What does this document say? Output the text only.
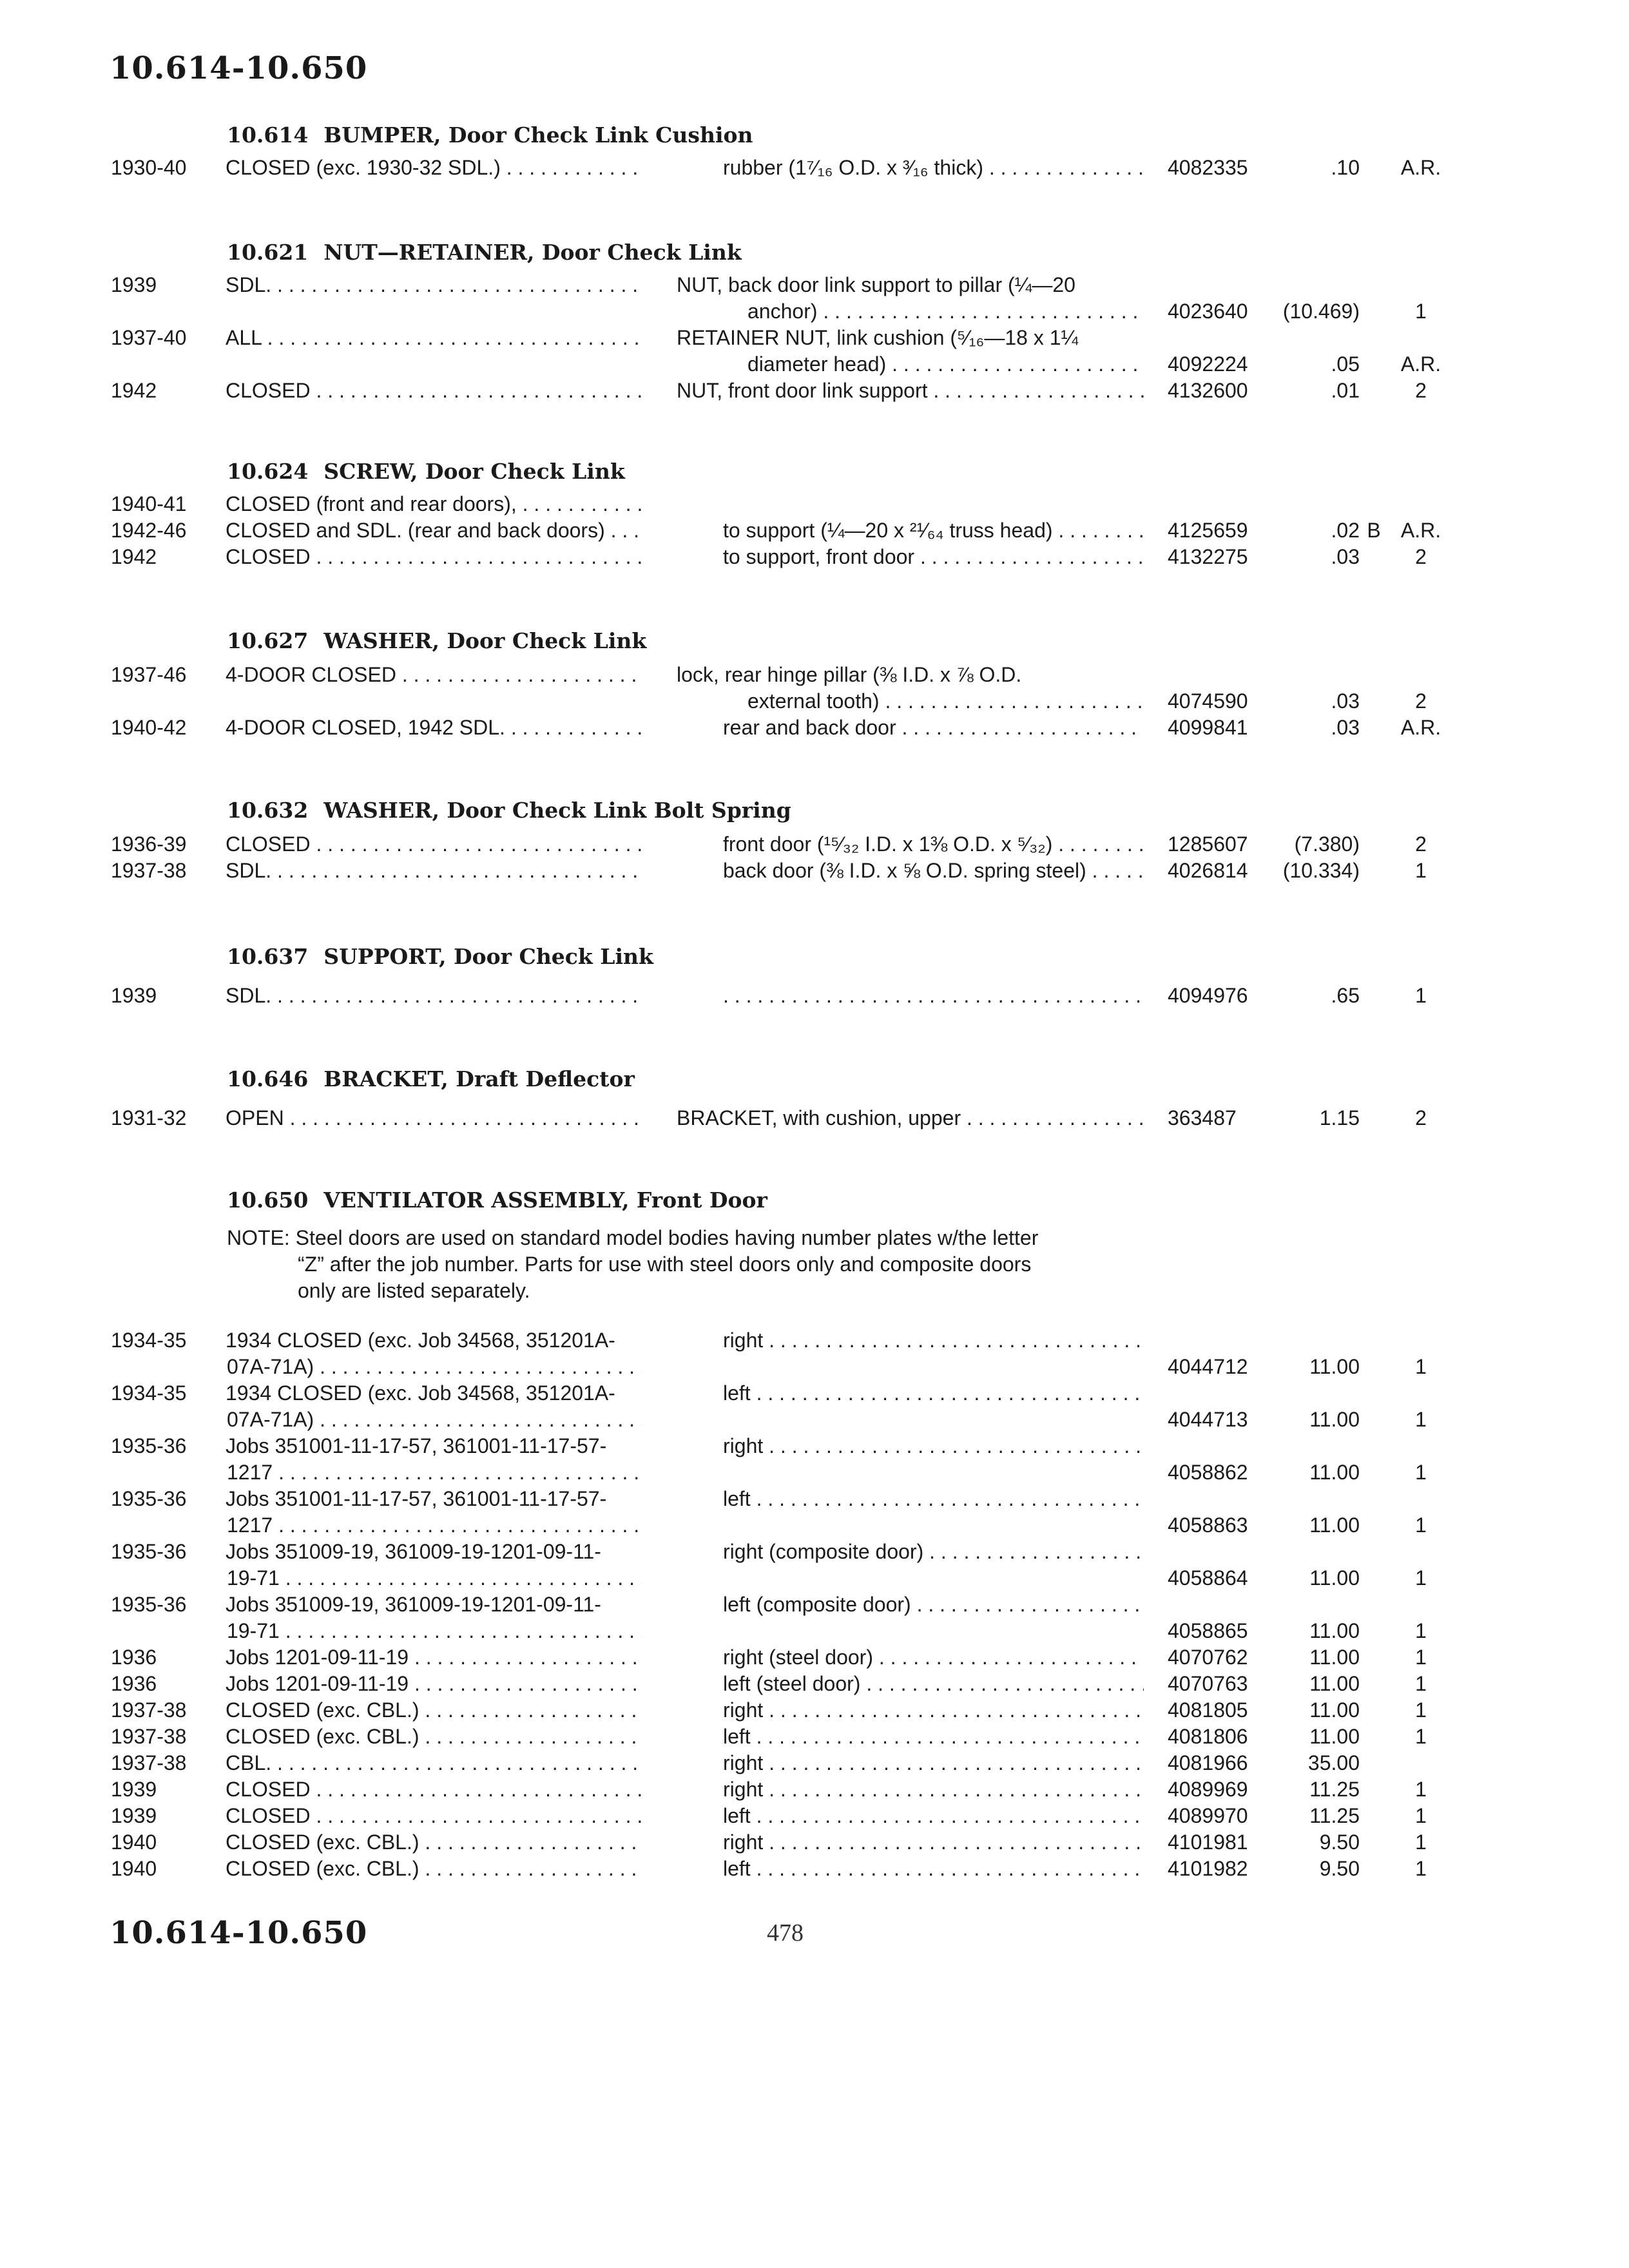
10.614-10.650
10.614 BUMPER, Door Check Link Cushion
1930-40	CLOSED (exc. 1930-32 SDL.) . . .	rubber (1⁷⁄₁₆ O.D. x ³⁄₁₆ thick) . . .	4082335	.10	A.R.
10.621 NUT—RETAINER, Door Check Link
1939	SDL. . . .	NUT, back door link support to pillar (¼—20
anchor) . . .	4023640	(10.469)	1
1937-40	ALL . . .	RETAINER NUT, link cushion (⁵⁄₁₆—18 x 1¼
diameter head) . . .	4092224	.05	A.R.
1942	CLOSED . . .	NUT, front door link support . . .	4132600	.01	2
10.624 SCREW, Door Check Link
1940-41	CLOSED (front and rear doors), . . .
1942-46	CLOSED and SDL. (rear and back doors) . . .	to support (¼—20 x ²¹⁄₆₄ truss head) . . .	4125659	.02 B A.R.
1942	CLOSED . . .	to support, front door . . .	4132275	.03	2
10.627 WASHER, Door Check Link
1937-46	4-DOOR CLOSED . . .	lock, rear hinge pillar (⅜ I.D. x ⅞ O.D.
external tooth) . . .	4074590	.03	2
1940-42	4-DOOR CLOSED, 1942 SDL. . . .	rear and back door . . .	4099841	.03	A.R.
10.632 WASHER, Door Check Link Bolt Spring
1936-39	CLOSED . . .	front door (¹⁵⁄₃₂ I.D. x 1⅜ O.D. x ⁵⁄₃₂) . . .	1285607	(7.380)	2
1937-38	SDL. . . .	back door (⅜ I.D. x ⅝ O.D. spring steel) . . .	4026814	(10.334)	1
10.637 SUPPORT, Door Check Link
1939	SDL. . . .
. . .	4094976	.65	1
10.646 BRACKET, Draft Deflector
1931-32	OPEN . . .	BRACKET, with cushion, upper . . .	363487	1.15	2
10.650 VENTILATOR ASSEMBLY, Front Door
NOTE: Steel doors are used on standard model bodies having number plates w/the letter
“Z” after the job number. Parts for use with steel doors only and composite doors
only are listed separately.
1934-35	1934 CLOSED (exc. Job 34568, 351201A-	right . . .
07A-71A) . . .	4044712	11.00	1
1934-35	1934 CLOSED (exc. Job 34568, 351201A-	left . . .
07A-71A) . . .	4044713	11.00	1
1935-36	Jobs 351001-11-17-57, 361001-11-17-57-	right . . .
1217 . . .	4058862	11.00	1
1935-36	Jobs 351001-11-17-57, 361001-11-17-57-	left . . .
1217 . . .	4058863	11.00	1
1935-36	Jobs 351009-19, 361009-19-1201-09-11-	right (composite door) . . .
19-71 . . .	4058864	11.00	1
1935-36	Jobs 351009-19, 361009-19-1201-09-11-	left (composite door) . . .
19-71 . . .	4058865	11.00	1
1936	Jobs 1201-09-11-19 . . .	right (steel door) . . .	4070762	11.00	1
1936	Jobs 1201-09-11-19 . . .	left (steel door) . . .	4070763	11.00	1
1937-38	CLOSED (exc. CBL.) . . .	right . . .	4081805	11.00	1
1937-38	CLOSED (exc. CBL.) . . .	left . . .	4081806	11.00	1
1937-38	CBL. . . .	right . . .	4081966	35.00
1939	CLOSED . . .	right . . .	4089969	11.25	1
1939	CLOSED . . .	left . . .	4089970	11.25	1
1940	CLOSED (exc. CBL.) . . .	right . . .	4101981	9.50	1
1940	CLOSED (exc. CBL.) . . .	left . . .	4101982	9.50	1
10.614-10.650	478
